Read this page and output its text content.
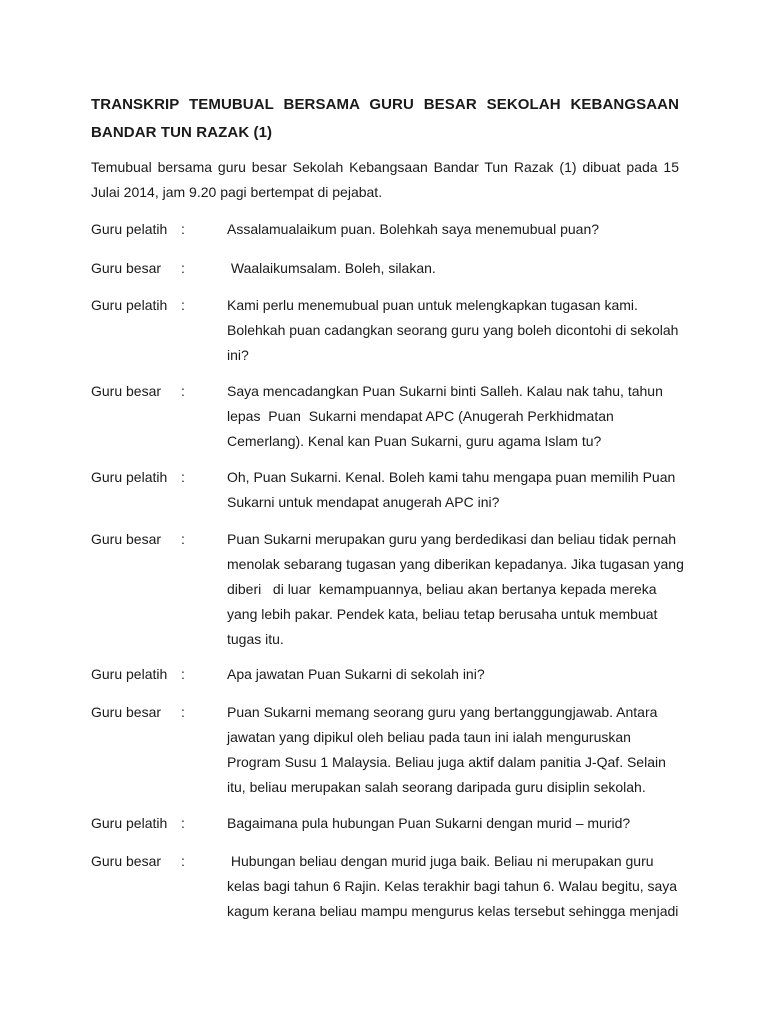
TRANSKRIP TEMUBUAL BERSAMA GURU BESAR SEKOLAH KEBANGSAAN
BANDAR TUN RAZAK (1)

Temubual bersama guru besar Sekolah Kebangsaan Bandar Tun Razak (1) dibuat pada 15
Julai 2014, jam 9.20 pagi bertempat di pejabat.

Guru pelatih :	Assalamualaikum puan. Bolehkah saya menemubual puan?
Guru besar	:	Waalaikumsalam. Boleh, silakan.
Guru pelatih :	Kami perlu menemubual puan untuk melengkapkan tugasan kami.
Bolehkah puan cadangkan seorang guru yang boleh dicontohi di sekolah
ini?
Guru besar	:	Saya mencadangkan Puan Sukarni binti Salleh. Kalau nak tahu, tahun
lepas  Puan  Sukarni mendapat APC (Anugerah Perkhidmatan
Cemerlang). Kenal kan Puan Sukarni, guru agama Islam tu?
Guru pelatih :	Oh, Puan Sukarni. Kenal. Boleh kami tahu mengapa puan memilih Puan
Sukarni untuk mendapat anugerah APC ini?
Guru besar	:	Puan Sukarni merupakan guru yang berdedikasi dan beliau tidak pernah
menolak sebarang tugasan yang diberikan kepadanya. Jika tugasan yang
diberi   di luar  kemampuannya, beliau akan bertanya kepada mereka
yang lebih pakar. Pendek kata, beliau tetap berusaha untuk membuat
tugas itu.
Guru pelatih :	Apa jawatan Puan Sukarni di sekolah ini?
Guru besar	:	Puan Sukarni memang seorang guru yang bertanggungjawab. Antara
jawatan yang dipikul oleh beliau pada taun ini ialah menguruskan
Program Susu 1 Malaysia. Beliau juga aktif dalam panitia J-Qaf. Selain
itu, beliau merupakan salah seorang daripada guru disiplin sekolah.
Guru pelatih :	Bagaimana pula hubungan Puan Sukarni dengan murid – murid?
Guru besar	:	Hubungan beliau dengan murid juga baik. Beliau ni merupakan guru
kelas bagi tahun 6 Rajin. Kelas terakhir bagi tahun 6. Walau begitu, saya
kagum kerana beliau mampu mengurus kelas tersebut sehingga menjadi
